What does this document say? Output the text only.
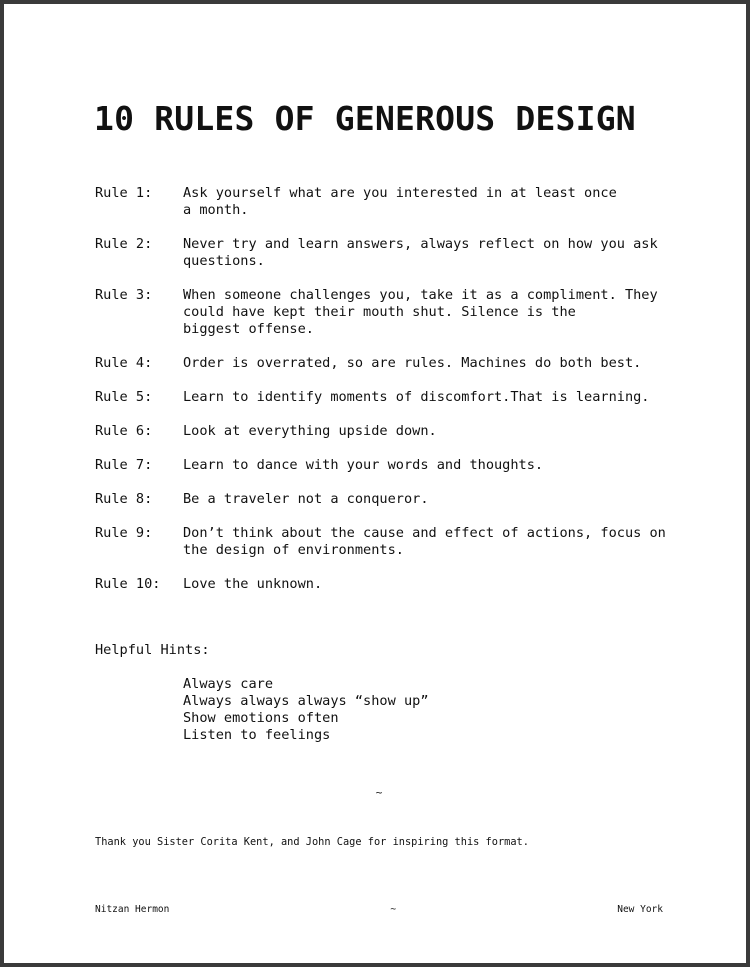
10 RULES OF GENEROUS DESIGN
Rule 1:	Ask yourself what are you interested in at least once
a month.
Rule 2:	Never try and learn answers, always reflect on how you ask
questions.
Rule 3:	When someone challenges you, take it as a compliment. They
could have kept their mouth shut. Silence is the
biggest offense.
Rule 4:	Order is overrated, so are rules. Machines do both best.
Rule 5:	Learn to identify moments of discomfort.That is learning.
Rule 6:	Look at everything upside down.
Rule 7:	Learn to dance with your words and thoughts.
Rule 8:	Be a traveler not a conqueror.
Rule 9:	Don’t think about the cause and effect of actions, focus on
the design of environments.
Rule 10:	Love the unknown.
Helpful Hints:
Always care
Always always always “show up”
Show emotions often
Listen to feelings
~
Thank you Sister Corita Kent, and John Cage for inspiring this format.
Nitzan Hermon	~	New York
